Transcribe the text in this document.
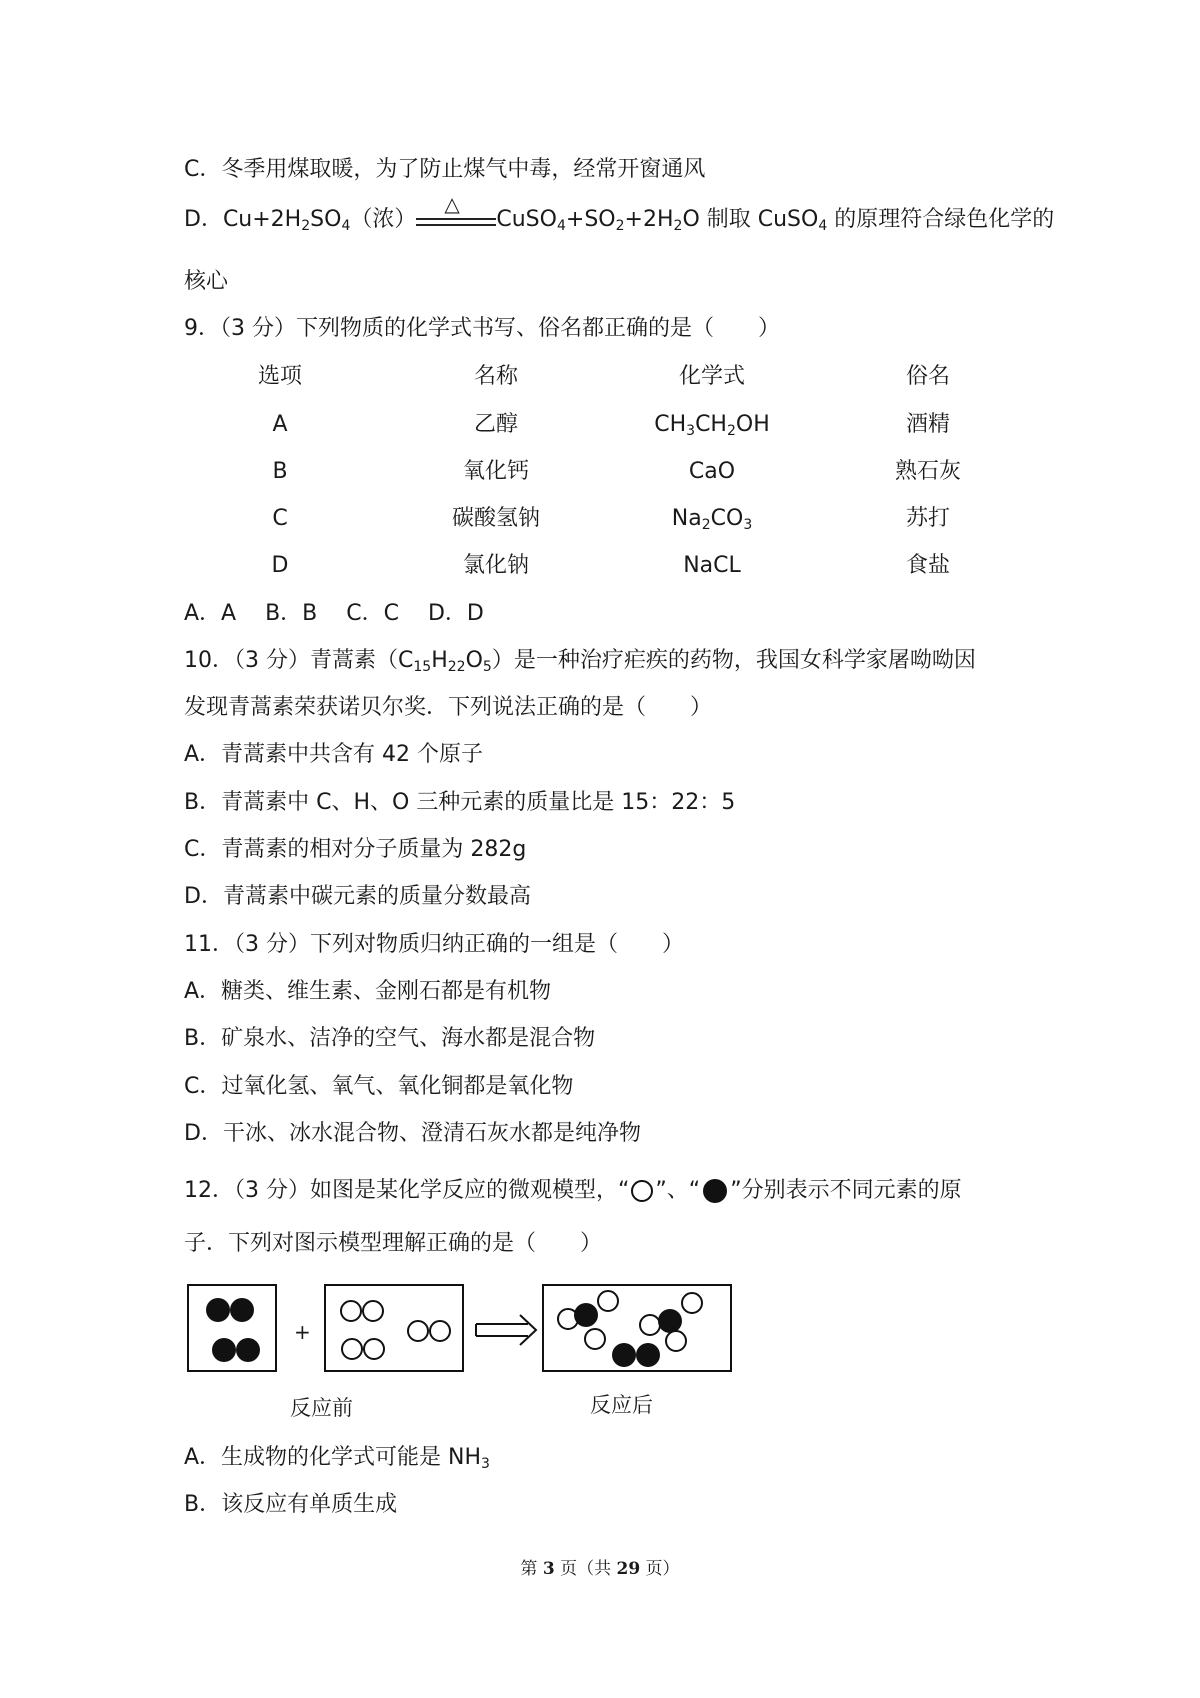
C．冬季用煤取暖，为了防止煤气中毒，经常开窗通风
D．$Cu+2H_2SO_4$（浓）
△
$CuSO_4+SO_2+2H_2O$ 制取 CuSO$_4$ 的原理符合绿色化学的
核心
9．（3 分）下列物质的化学式书写、俗名都正确的是（　　）
选项	名称	化学式	俗名
A	乙醇	$CH_3CH_2OH$	酒精
B	氧化钙	CaO	熟石灰
C	碳酸氢钠	$Na_2CO_3$	苏打
D	氯化钠	NaCL	食盐
A．A　 B．B　 C．C　 D．D
10．（3 分）青蒿素$(C_{15}H_{22}O_5)$是一种治疗疟疾的药物，我国女科学家屠呦呦因
发现青蒿素荣获诺贝尔奖．下列说法正确的是（　　）
A．青蒿素中共含有 42 个原子
B．青蒿素中 C、H、O 三种元素的质量比是 15：22：5
C．青蒿素的相对分子质量为 282g
D．青蒿素中碳元素的质量分数最高
11．（3 分）下列对物质归纳正确的一组是（　　）
A．糖类、维生素、金刚石都是有机物
B．矿泉水、洁净的空气、海水都是混合物
C．过氧化氢、氧气、氧化铜都是氧化物
D．干冰、冰水混合物、澄清石灰水都是纯净物
12．（3 分）如图是某化学反应的微观模型，“ ”、“ ”分别表示不同元素的原
子．下列对图示模型理解正确的是（　　）
+
反应前	反应后
A．生成物的化学式可能是 $NH_3$
B．该反应有单质生成
第 3 页（共 29 页）
